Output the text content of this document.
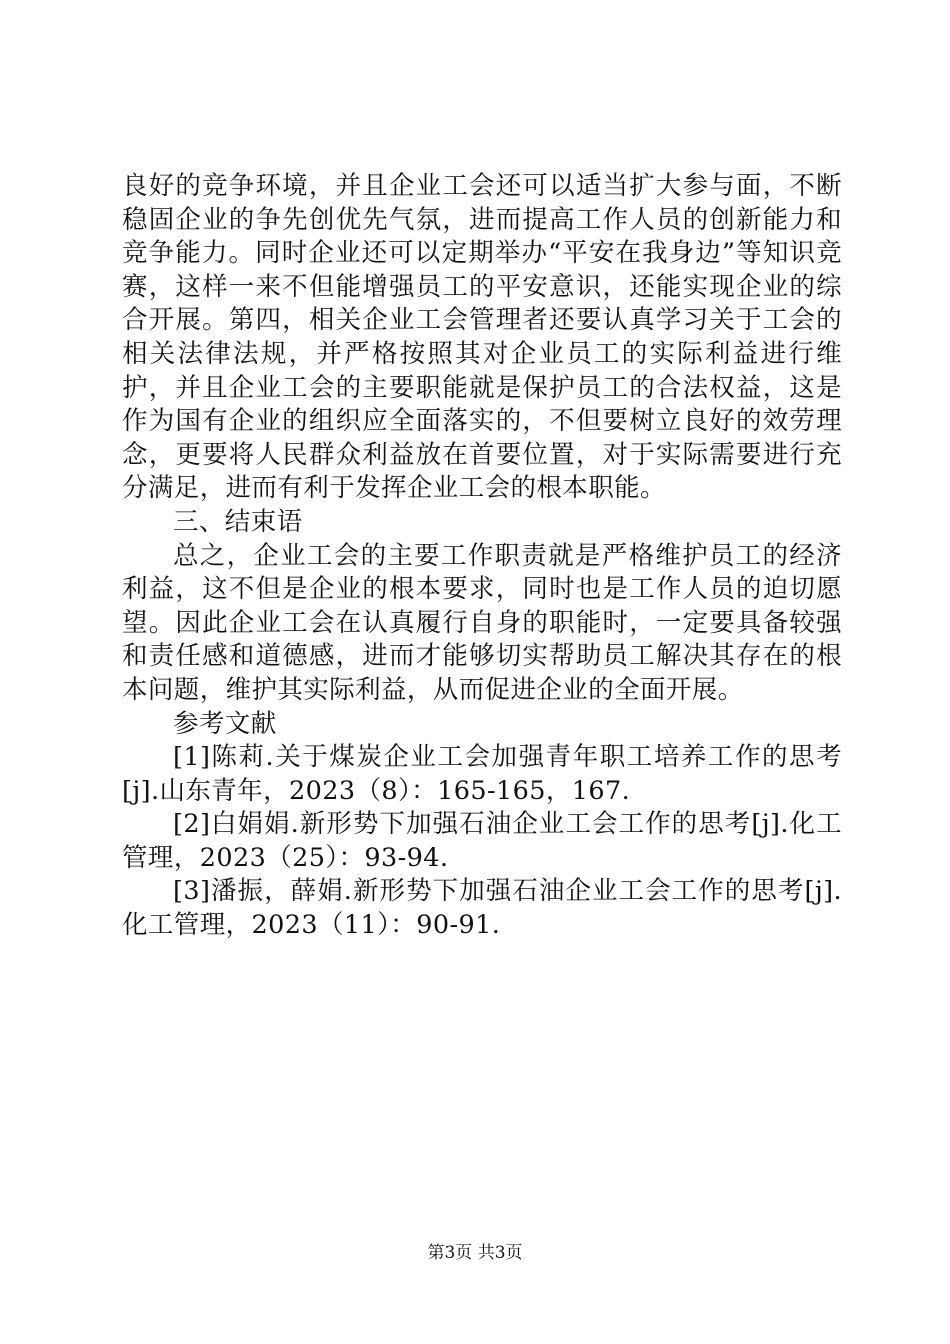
良好的竞争环境，并且企业工会还可以适当扩大参与面，不断稳固企业的争先创优先气氛，进而提高工作人员的创新能力和竞争能力。同时企业还可以定期举办“平安在我身边”等知识竞赛，这样一来不但能增强员工的平安意识，还能实现企业的综合开展。第四，相关企业工会管理者还要认真学习关于工会的相关法律法规，并严格按照其对企业员工的实际利益进行维护，并且企业工会的主要职能就是保护员工的合法权益，这是作为国有企业的组织应全面落实的，不但要树立良好的效劳理念，更要将人民群众利益放在首要位置，对于实际需要进行充分满足，进而有利于发挥企业工会的根本职能。

三、结束语

总之，企业工会的主要工作职责就是严格维护员工的经济利益，这不但是企业的根本要求，同时也是工作人员的迫切愿望。因此企业工会在认真履行自身的职能时，一定要具备较强和责任感和道德感，进而才能够切实帮助员工解决其存在的根本问题，维护其实际利益，从而促进企业的全面开展。

参考文献

[1]陈莉.关于煤炭企业工会加强青年职工培养工作的思考[j].山东青年，2023（8）：165-165，167.

[2]白娟娟.新形势下加强石油企业工会工作的思考[j].化工管理，2023（25）：93-94.

[3]潘振，薛娟.新形势下加强石油企业工会工作的思考[j].化工管理，2023（11）：90-91.

第3页 共3页
